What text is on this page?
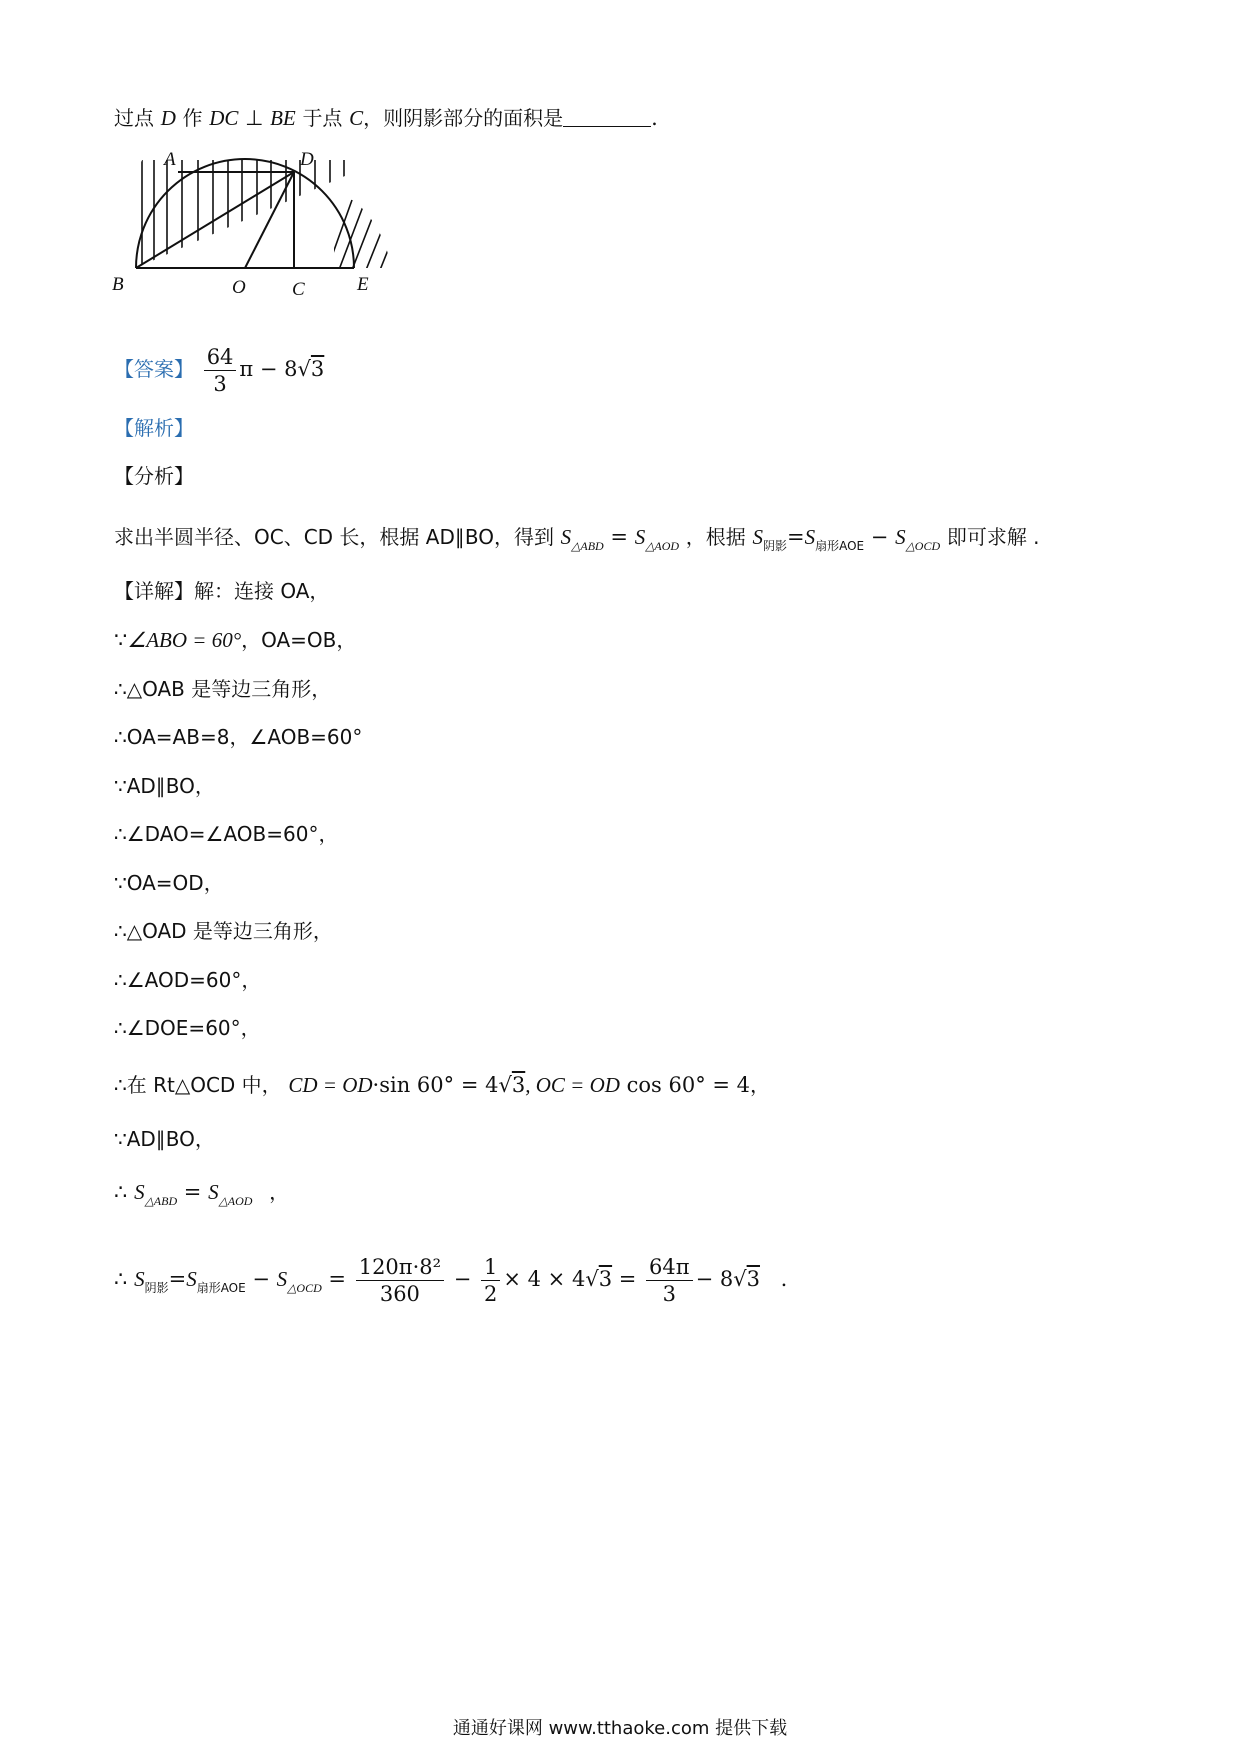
过点 D 作 DC ⊥ BE 于点 C，则阴影部分的面积是	.
A	D
B	O C	E
【答案】 $\frac{64}{3}$ π − 8√3
【解析】
【分析】
求出半圆半径、OC、CD 长，根据 AD∥BO，得到 $S_{\triangle ABD} = S_{\triangle AOD}$ ，根据 $S_{阴影}=S_{扇形AOE} - S_{\triangle OCD}$ 即可求解 .
【详解】解：连接 OA，
∵∠ABO = 60°，OA=OB，
∴△OAB 是等边三角形，
∴OA=AB=8，∠AOB=60°
∵AD∥BO，
∴∠DAO=∠AOB=60°，
∵OA=OD，
∴△OAD 是等边三角形，
∴∠AOD=60°，
∴∠DOE=60°，
∴在 Rt△OCD 中， CD = OD·sin 60° = 4√3, OC = OD cos 60° = 4，
∵AD∥BO，
∴ $S_{\triangle ABD} = S_{\triangle AOD}$ ，
∴ $S_{阴影}=S_{扇形AOE} - S_{\triangle OCD} = \frac{\text{120π·8²}}{360} - \frac{1}{2} \times 4 \times 4√3 = \frac{64\pi}{3} - 8√3$ .
通通好课网 www.tthaoke.com 提供下载
